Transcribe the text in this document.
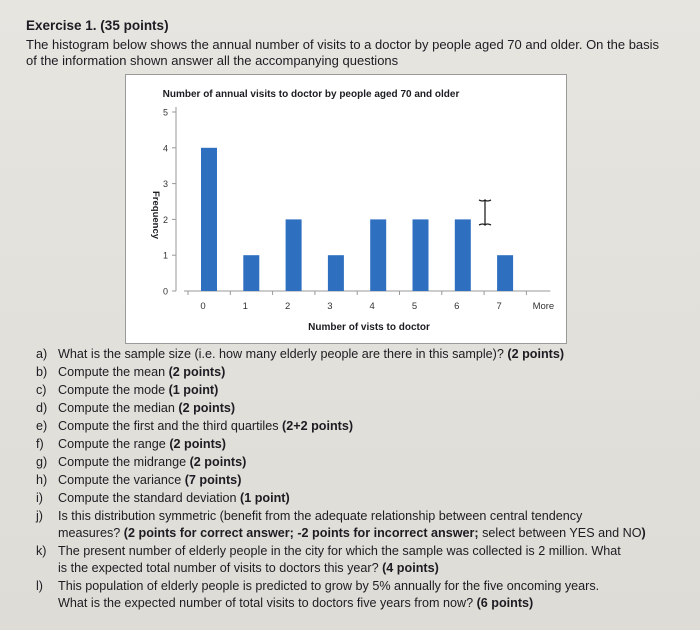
Exercise 1. (35 points)
The histogram below shows the annual number of visits to a doctor by people aged 70 and older. On the basis
of the information shown answer all the accompanying questions
Number of annual visits to doctor by people aged 70 and older
Frequency
Number of vists to doctor
0
1
2
3
4
5
0	1	2	3	4	5	6	7	More
a) What is the sample size (i.e. how many elderly people are there in this sample)? (2 points)
b) Compute the mean (2 points)
c) Compute the mode (1 point)
d) Compute the median (2 points)
e) Compute the first and the third quartiles (2+2 points)
f) Compute the range (2 points)
g) Compute the midrange (2 points)
h) Compute the variance (7 points)
i) Compute the standard deviation (1 point)
j) Is this distribution symmetric (benefit from the adequate relationship between central tendency
measures? (2 points for correct answer; -2 points for incorrect answer; select between YES and NO)
k) The present number of elderly people in the city for which the sample was collected is 2 million. What
is the expected total number of visits to doctors this year? (4 points)
l) This population of elderly people is predicted to grow by 5% annually for the five oncoming years.
What is the expected number of total visits to doctors five years from now? (6 points)
